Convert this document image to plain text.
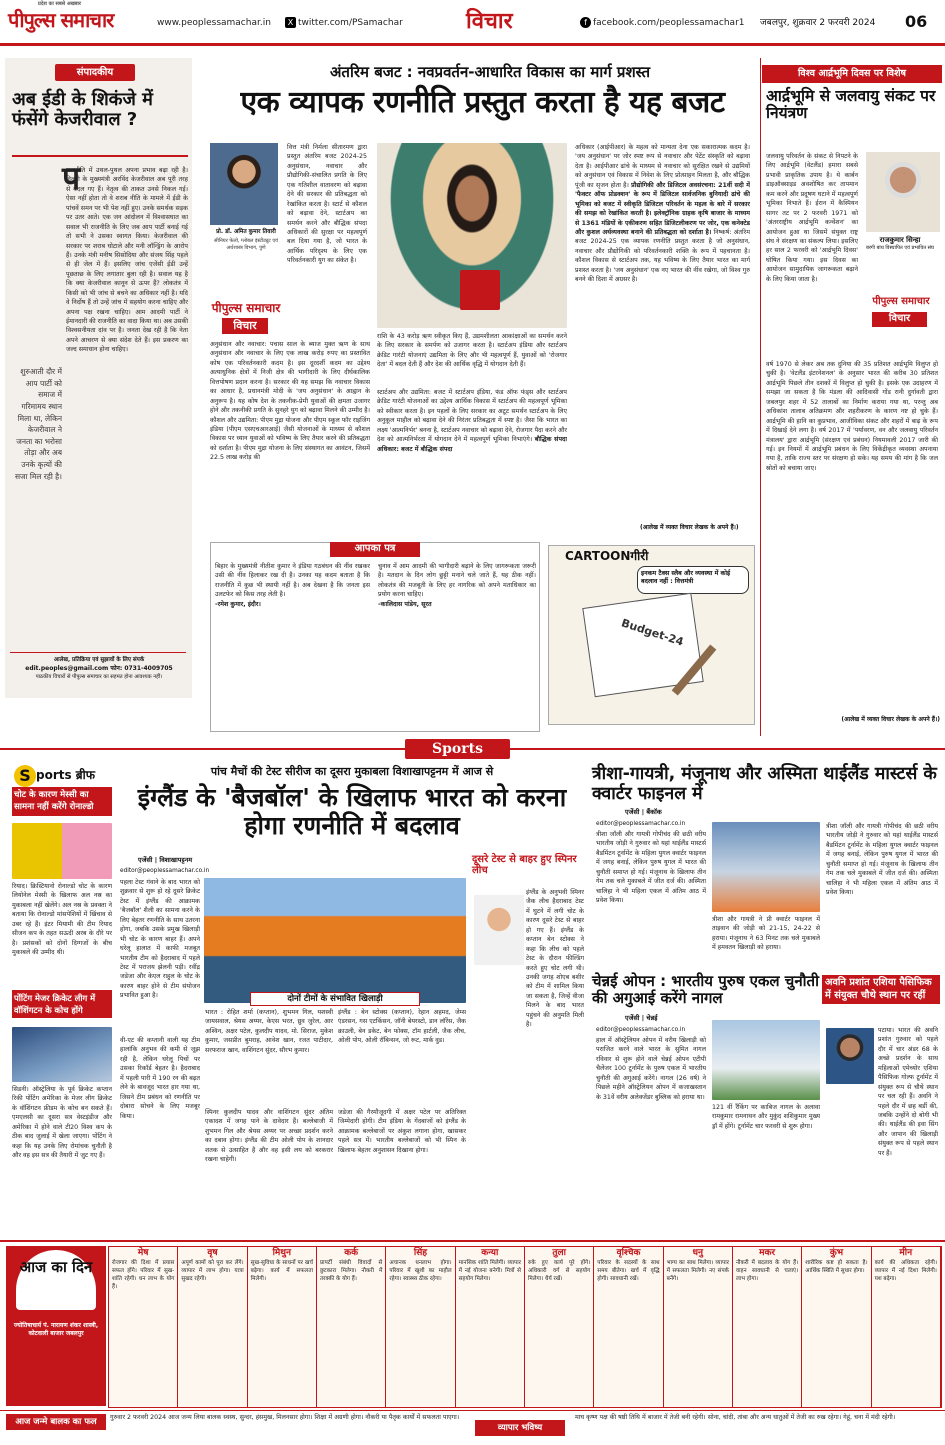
पीपुल्स समाचार
प्रदेश का सबसे अखबार
www.peoplessamachar.in	X twitter.com/PSamachar	विचार	f facebook.com/peoplessamachar1 जबलपुर, शुक्रवार 2 फरवरी 2024 06
संपादकीय
अब ईडी के शिकंजे में फंसेंगे केजरीवाल ?
प
शुरुआती दौर में आप पार्टी को समाज में गरिमामय स्थान मिला था, लेकिन केजरीवाल ने जनता का भरोसा तोड़ा और अब उनके कृत्यों की सजा मिल रही है।
राजनीति में उथल-पुथल अपना प्रभाव बढ़ा रही है। दिल्ली के मुख्यमंत्री अरविंद केजरीवाल अब पूरी तरह से बदल गए हैं। नेतृत्व की ताकत उनसे निकल गई। ऐसा नहीं होता तो वे शराब नीति के मामले में ईडी के पांचवें समन पर भी पेश नहीं हुए। उनके समर्थक सड़क पर उतर आते। एक जन आंदोलन में विश्वासघात का सवाल भी राजनीति के लिए जब आप पार्टी बनाई गई तो सभी ने उसका स्वागत किया। केजरीवाल की सरकार पर शराब घोटाले और मनी लॉन्ड्रिंग के आरोप हैं। उनके मंत्री मनीष सिसोदिया और संजय सिंह पहले से ही जेल में हैं। इसलिए जांच एजेंसी ईडी उन्हें पूछताछ के लिए लगातार बुला रही है। सवाल यह है कि क्या केजरीवाल कानून से ऊपर हैं? लोकतंत्र में किसी को भी जांच से बचने का अधिकार नहीं है। यदि वे निर्दोष हैं तो उन्हें जांच में सहयोग करना चाहिए और अपना पक्ष रखना चाहिए। आम आदमी पार्टी ने ईमानदारी की राजनीति का वादा किया था। अब उसकी विश्वसनीयता दांव पर है। जनता देख रही है कि नेता अपने आचरण से क्या संदेश देते हैं। इस प्रकरण का जल्द समाधान होना चाहिए।
आलेख, प्रतिक्रिया एवं सुझावों के लिए संपर्क
edit.peoples@gmail.com फोन: 0731-4009705
पाठकीय विचारों से पीपुल्स समाचार का सहमत होना आवश्यक नहीं।
अंतरिम बजट : नवप्रवर्तन-आधारित विकास का मार्ग प्रशस्त
एक व्यापक रणनीति प्रस्तुत करता है यह बजट
प्रो. डॉ. अमित कुमार तिवारी
सीनियर फेलो, ग्लोबल इंस्टीट्यूट एवं अर्थशास्त्र विभाग, पुणे
पीपुल्स समाचार
विचार
वित्त मंत्री निर्मला सीतारमण द्वारा प्रस्तुत अंतरिम बजट 2024-25 अनुसंधान, नवाचार और प्रौद्योगिकी-संचालित प्रगति के लिए एक गतिशील वातावरण को बढ़ावा देने की सरकार की प्रतिबद्धता को रेखांकित करता है। स्टार्ट से कौशल को बढ़ावा देने, स्टार्टअप का समर्थन करने और बौद्धिक संपदा अधिकारों की सुरक्षा पर महत्वपूर्ण बल दिया गया है, जो भारत के आर्थिक परिदृश्य के लिए एक परिवर्तनकारी युग का संकेत है।
अनुसंधान और नवाचार: पचास साल के ब्याज मुक्त ऋण के साथ अनुसंधान और नवाचार के लिए एक लाख करोड़ रुपए का प्रस्तावित कोष एक परिवर्तनकारी कदम है। इस दूरदर्शी कदम का उद्देश्य अत्याधुनिक क्षेत्रों में निजी क्षेत्र की भागीदारी के लिए दीर्घकालिक वित्तपोषण प्रदान करना है। सरकार की यह समझ कि नवाचार विकास का आधार है, प्रधानमंत्री मोदी के 'जय अनुसंधान' के आह्वान के अनुरूप है। यह कोष देश के तकनीक-प्रेमी युवाओं की क्षमता उजागर होने और तकनीकी प्रगति के सुनहरे युग को बढ़ावा मिलने की उम्मीद है। कौशल और उद्यमिता: पीएम मुद्रा योजना और पीएम स्कूल फॉर राइजिंग इंडिया (पीएम एसएचआरआई) जैसी योजनाओं के माध्यम से कौशल विकास पर ध्यान युवाओं को भविष्य के लिए तैयार करने की प्रतिबद्धता को दर्शाता है। पीएम मुद्रा योजना के लिए संस्थागत का आवंटन, जिसमें 22.5 लाख करोड़ की
राशि के 43 करोड़ ऋण स्वीकृत किए हैं, उद्यमशीलता आकांक्षाओं का समर्थन करने के लिए सरकार के समर्पण को उजागर करता है। स्टार्टअप इंडिया और स्टार्टअप क्रेडिट गारंटी योजनाएं उद्यमिता के लिए और भी महत्वपूर्ण हैं, युवाओं को 'रोजगार देता' में बदल देती हैं और देश की आर्थिक वृद्धि में योगदान देती हैं।
स्टार्टअप और उद्यमिता: बजट में स्टार्टअप इंडिया, फंड ऑफ फंड्स और स्टार्टअप क्रेडिट गारंटी योजनाओं का उद्देश्य आर्थिक विकास में स्टार्टअप की महत्वपूर्ण भूमिका को स्वीकार करता है। इन पहलों के लिए सरकार का अटूट समर्थन स्टार्टअप के लिए अनुकूल माहौल को बढ़ावा देने की निरंतर प्रतिबद्धता में स्पष्ट है। जैसा कि भारत का लक्ष्य 'आत्मनिर्भर' बनना है, स्टार्टअप नवाचार को बढ़ावा देने, रोजगार पैदा करने और देश को आत्मनिर्भरता में योगदान देने में महत्वपूर्ण भूमिका निभाएंगे। बौद्धिक संपदा अधिकार: बजट में बौद्धिक संपदा
अधिकार (आईपीआर) के महत्व को मान्यता देना एक सकारात्मक कदम है। 'जय अनुसंधान' पर जोर स्पष्ट रूप से नवाचार और पेटेंट संस्कृति को बढ़ावा देता है। आईपीआर ढांचे के माध्यम से नवाचार को सुरक्षित रखने से उद्यमियों को अनुसंधान एवं विकास में निवेश के लिए प्रोत्साहन मिलता है, और बौद्धिक पूंजी का सृजन होता है। प्रौद्योगिकी और डिजिटल अवसंरचना: 21वीं सदी में 'फैक्टर ऑफ प्रोडक्शन' के रूप में डिजिटल सार्वजनिक बुनियादी ढांचे की भूमिका को बजट में स्वीकृति डिजिटल परिवर्तन के महत्व के बारे में सरकार की समझ को रेखांकित करती है। इलेक्ट्रॉनिक ग्राहक कृषि बाजार के माध्यम से 1361 मंडियों के एकीकरण सहित डिजिटलीकरण पर जोर, एक कनेक्टेड और कुशल अर्थव्यवस्था बनाने की प्रतिबद्धता को दर्शाता है। निष्कर्ष: अंतरिम बजट 2024-25 एक व्यापक रणनीति प्रस्तुत करता है जो अनुसंधान, नवाचार और प्रौद्योगिकी को परिवर्तनकारी शक्ति के रूप में पहचानता है। कौशल विकास से स्टार्टअप तक, यह भविष्य के लिए तैयार भारत का मार्ग प्रशस्त करता है। 'जय अनुसंधान' एक नए भारत की नींव रखेगा, जो विश्व गुरु बनने की दिशा में अग्रसर है।
(आलेख में व्यक्त विचार लेखक के अपने हैं।)
आपका पत्र
बिहार के मुख्यमंत्री नीतीश कुमार ने इंडिया गठबंधन की नींव रखकर उसी की नींव हिलाकर रख दी है। उनका यह कदम बताता है कि राजनीति में कुछ भी स्थायी नहीं है। अब देखना है कि जनता इस उलटफेर को किस तरह लेती है।
-रमेश कुमार, इंदौर।
चुनाव में आम आदमी की भागीदारी बढ़ाने के लिए जागरूकता जरूरी है। मतदान के दिन लोग छुट्टी मनाने चले जाते हैं, यह ठीक नहीं। लोकतंत्र की मजबूती के लिए हर नागरिक को अपने मताधिकार का प्रयोग करना चाहिए।
-कालिदास पांडेय, सूरत
CARTOONगीरी
इनकम टैक्स स्लैब और व्यवस्था में कोई बदलाव नहीं : वित्तमंत्री
Budget-24
विश्व आर्द्रभूमि दिवस पर विशेष
आर्द्रभूमि से जलवायु संकट पर नियंत्रण
राजकुमार सिन्हा
बरगी बांध विस्थापित एवं प्रभावित संघ
पीपुल्स समाचार
विचार
जलवायु परिवर्तन के संकट से निपटने के लिए आर्द्रभूमि (वेटलैंड) हमारा सबसे प्रभावी प्राकृतिक उपाय है। ये कार्बन डाइऑक्साइड अवशोषित कर तापमान कम करने और प्रदूषण घटाने में महत्वपूर्ण भूमिका निभाते हैं। ईरान में कैस्पियन सागर तट पर 2 फरवरी 1971 को 'अंतरराष्ट्रीय आर्द्रभूमि कन्वेंशन' का आयोजन हुआ था जिसमें संयुक्त राष्ट्र संघ ने संरक्षण का संकल्प लिया। इसलिए हर साल 2 फरवरी को 'आर्द्रभूमि दिवस' घोषित किया गया। इस दिवस का आयोजन सामुदायिक जागरूकता बढ़ाने के लिए किया जाता है।
वर्ष 1970 से लेकर अब तक दुनिया की 35 प्रतिशत आर्द्रभूमि विलुप्त हो चुकी है। 'वेटलैंड इंटरनेशनल' के अनुसार भारत की करीब 30 प्रतिशत आर्द्रभूमि पिछले तीन दशकों में विलुप्त हो चुकी है। इसके एक उदाहरण में समझा जा सकता है कि मंडला की आदिवासी गोंड रानी दुर्गावती द्वारा जबलपुर शहर में 52 तालाबों का निर्माण कराया गया था, परन्तु अब अधिकांश तालाब अतिक्रमण और शहरीकरण के कारण नष्ट हो चुके हैं। आर्द्रभूमि की हानि का कुप्रभाव, आजीविका संकट और शहरों में बाढ़ के रूप में दिखाई देने लगा है। वर्ष 2017 में 'पर्यावरण, वन और जलवायु परिवर्तन मंत्रालय' द्वारा आर्द्रभूमि (संरक्षण एवं प्रबंधन) नियमावली 2017 जारी की गई। इन नियमों में आर्द्रभूमि प्रबंधन के लिए विकेंद्रीकृत व्यवस्था अपनाया गया है, ताकि राज्य स्तर पर संरक्षण हो सके। यह समय की मांग है कि जल स्रोतों को बचाया जाए।
(आलेख में व्यक्त विचार लेखक के अपने हैं।)
Sports
S ports ब्रीफ
चोट के कारण मेस्सी का सामना नहीं करेंगे रोनाल्डो
रियाद। क्रिस्टियानो रोनाल्डो चोट के कारण लियोनेल मेस्सी के खिलाफ अल नस्र का मुकाबला नहीं खेलेंगे। अल नस्र के प्रवक्ता ने बताया कि रोनाल्डो मांसपेशियों में खिंचाव से उबर रहे हैं। इंटर मियामी की टीम रियाद सीजन कप के तहत सऊदी अरब के दौरे पर है। प्रशंसकों को दोनों दिग्गजों के बीच मुकाबले की उम्मीद थी।
पोंटिंग मेजर क्रिकेट लीग में वॉशिंगटन के कोच होंगे
सिडनी। ऑस्ट्रेलिया के पूर्व क्रिकेट कप्तान रिकी पोंटिंग अमेरिका के मेजर लीग क्रिकेट के वॉशिंगटन फ्रीडम के कोच बन सकते हैं। एमएलसी का दूसरा सत्र वेस्टइंडीज और अमेरिका में होने वाले टी20 विश्व कप के ठीक बाद जुलाई में खेला जाएगा। पोंटिंग ने कहा कि यह उनके लिए रोमांचक चुनौती है और वह इस सत्र की तैयारी में जुट गए हैं।
पांच मैचों की टेस्ट सीरीज का दूसरा मुकाबला विशाखापट्टनम में आज से
इंग्लैंड के 'बैजबॉल' के खिलाफ भारत को करना होगा रणनीति में बदलाव
एजेंसी | विशाखापट्टनम
editor@peoplessamachar.co.in
पहला टेस्ट गंवाने के बाद भारत को शुक्रवार से शुरू हो रहे दूसरे क्रिकेट टेस्ट में इंग्लैंड की आक्रामक 'बैजबॉल' शैली का सामना करने के लिए बेहतर रणनीति के साथ उतरना होगा, जबकि उसके प्रमुख खिलाड़ी भी चोट के कारण बाहर हैं। अपने घरेलू हालात में काफी मजबूत भारतीय टीम को हैदराबाद में पहले टेस्ट में पराजय झेलनी पड़ी। रवींद्र जडेजा और केएल राहुल के चोट के कारण बाहर होने से टीम संयोजन प्रभावित हुआ है।	दोनों टीमों के संभावित खिलाड़ी
भारत : रोहित शर्मा (कप्तान), शुभमन गिल, यशस्वी जायसवाल, श्रेयस अय्यर, केएस भरत, ध्रुव जुरेल, आर अश्विन, अक्षर पटेल, कुलदीप यादव, मो. सिराज, मुकेश कुमार, जसप्रीत बुमराह, आवेश खान, रजत पाटीदार, सरफराज खान, वाशिंगटन सुंदर, सौरभ कुमार।
इंग्लैंड : बेन स्टोक्स (कप्तान), रेहान अहमद, जेम्स एंडरसन, गस एटकिंसन, जॉनी बेयरस्टो, डान लॉरेंस, जैक क्राउली, बेन डकेट, बेन फोक्स, टॉम हार्टली, जैक लीच, ओली पोप, ओली रॉबिन्सन, जो रूट, मार्क वुड।
वी-एट की कप्तानी वाली यह टीम हालांकि अनुभव की कमी से जूझ रही है, लेकिन घरेलू पिचों पर उसका रिकॉर्ड बेहतर है। हैदराबाद में पहली पारी में 190 रन की बढ़त लेने के बावजूद भारत हार गया था, जिसने टीम प्रबंधन को रणनीति पर दोबारा सोचने के लिए मजबूर किया।	स्पिनर कुलदीप यादव और वाशिंगटन सुंदर अंतिम एकादश में जगह पाने के दावेदार हैं। बल्लेबाजी में शुभमन गिल और श्रेयस अय्यर पर अच्छा प्रदर्शन करने का दबाव होगा। इंग्लैंड की टीम ओली पोप के शानदार शतक से उत्साहित है और वह इसी लय को बरकरार रखना चाहेगी।
जडेजा की गैरमौजूदगी में अक्षर पटेल पर अतिरिक्त जिम्मेदारी होगी। टीम इंडिया के गेंदबाजों को इंग्लैंड के आक्रामक बल्लेबाजों पर अंकुश लगाना होगा, खासकर पहले सत्र में। भारतीय बल्लेबाजों को भी स्पिन के खिलाफ बेहतर अनुशासन दिखाना होगा।
दूसरे टेस्ट से बाहर हुए स्पिनर लीच
इंग्लैंड के अनुभवी स्पिनर जैक लीच हैदराबाद टेस्ट में घुटने में लगी चोट के कारण दूसरे टेस्ट से बाहर हो गए हैं। इंग्लैंड के कप्तान बेन स्टोक्स ने कहा कि लीच को पहले टेस्ट के दौरान फील्डिंग करते हुए चोट लगी थी। उनकी जगह शोएब बशीर को टीम में शामिल किया जा सकता है, जिन्हें वीजा मिलने के बाद भारत पहुंचने की अनुमति मिली है।
त्रीशा-गायत्री, मंजूनाथ और अस्मिता थाईलैंड मास्टर्स के क्वार्टर फाइनल में
एजेंसी | बैंकॉक
editor@peoplessamachar.co.in
त्रीशा जॉली और गायत्री गोपीचंद की छठी वरीय भारतीय जोड़ी ने गुरुवार को यहां थाईलैंड मास्टर्स बैडमिंटन टूर्नामेंट के महिला युगल क्वार्टर फाइनल में जगह बनाई, लेकिन पुरुष युगल में भारत की चुनौती समाप्त हो गई। मंजूनाथ के खिलाफ तीन गेम तक चले मुकाबले में जीत दर्ज की। अस्मिता चालिहा ने भी महिला एकल में अंतिम आठ में प्रवेश किया।
त्रीशा और गायत्री ने प्री क्वार्टर फाइनल में ताइवान की जोड़ी को 21-15, 24-22 से हराया। मंजूनाथ ने 63 मिनट तक चले मुकाबले में हमवतन खिलाड़ी को हराया।
त्रीशा जॉली और गायत्री गोपीचंद की छठी वरीय भारतीय जोड़ी ने गुरुवार को यहां थाईलैंड मास्टर्स बैडमिंटन टूर्नामेंट के महिला युगल क्वार्टर फाइनल में जगह बनाई, लेकिन पुरुष युगल में भारत की चुनौती समाप्त हो गई। मंजूनाथ के खिलाफ तीन गेम तक चले मुकाबले में जीत दर्ज की। अस्मिता चालिहा ने भी महिला एकल में अंतिम आठ में प्रवेश किया।
चेन्नई ओपन : भारतीय पुरुष एकल चुनौती की अगुआई करेंगे नागल
एजेंसी | चेन्नई
editor@peoplessamachar.co.in
हाल में ऑस्ट्रेलियन ओपन में वरीय खिलाड़ी को पराजित करने वाले भारत के सुमित नागल रविवार से शुरू होने वाले चेन्नई ओपन एटीपी चैलेंजर 100 टूर्नामेंट के पुरुष एकल में भारतीय चुनौती की अगुआई करेंगे। नागल (26 वर्ष) ने पिछले महीने ऑस्ट्रेलियन ओपन में कजाखस्तान के 31वें वरीय अलेक्जेंडर बुब्लिक को हराया था।
121 वीं रैंकिंग पर काबिज नागल के अलावा रामकुमार रामनाथन और मुकुंद शशिकुमार मुख्य ड्रॉ में होंगे। टूर्नामेंट चार फरवरी से शुरू होगा।
अवनि प्रशांत एशिया पैसिफिक में संयुक्त चौथे स्थान पर रहीं
पटाया। भारत की अवनि प्रशांत गुरुवार को पहले दौर में चार अंडर 68 के अच्छे प्रदर्शन के साथ महिलाओं एमेच्योर एशिया पैसिफिक गोल्फ टूर्नामेंट में संयुक्त रूप से चौथे स्थान पर चल रही हैं। अवनि ने पहले दौर में छह बर्डी की, जबकि उन्होंने दो बोगी भी की। थाईलैंड की इवा सिंग और जापान की खिलाड़ी संयुक्त रूप से पहले स्थान पर हैं।
आज का दिन
ज्योतिषाचार्य पं. नारायण शंकर शास्त्री, कोटवाली बाजार जबलपुर
मेष
रोजगार की दिशा में प्रयास सफल होंगे। परिवार में सुख-शांति रहेगी। धन लाभ के योग हैं।
वृष
अपूर्ण कामों को पूरा कर लेंगे। व्यापार में लाभ होगा। यात्रा सुखद रहेगी।
मिथुन
सुख-सुविधा के साधनों पर खर्च बढ़ेगा। कार्य में सफलता मिलेगी।
कर्क
प्रापर्टी संबंधी विवादों से छुटकारा मिलेगा। नौकरी में तरक्की के योग हैं।
सिंह
अचानक धनलाभ होगा। परिवार में खुशी का माहौल रहेगा। स्वास्थ्य ठीक रहेगा।
कन्या
मानसिक शांति मिलेगी। व्यापार में नई योजना बनेगी। मित्रों से सहयोग मिलेगा।
तुला
रुके हुए कार्य पूरे होंगे। अधिकारी वर्ग से सहयोग मिलेगा। धैर्य रखें।
वृश्चिक
परिवार के सदस्यों के साथ समय बीतेगा। खर्च में वृद्धि होगी। सावधानी रखें।
धनु
भाग्य का साथ मिलेगा। व्यापार में सफलता मिलेगी। नए संपर्क बनेंगे।
मकर
नौकरी में बदलाव के योग हैं। वाहन सावधानी से चलाएं। लाभ होगा।
कुंभ
शारीरिक कष्ट हो सकता है। आर्थिक स्थिति में सुधार होगा।
मीन
कार्य की अधिकता रहेगी। व्यापार में नई दिशा मिलेगी। यश बढ़ेगा।
आज जन्मे बालक का फल	गुरुवार 2 फरवरी 2024 आज जन्म लिया बालक स्वस्थ, सुन्दर, हंसमुख, मिलनसार होगा। शिक्षा में अग्रणी होगा। नौकरी या पैतृक कार्यों में सफलता पाएगा।
व्यापार भविष्य
माघ कृष्ण पक्ष की षष्ठी तिथि में बाजार में तेजी बनी रहेगी। सोना, चांदी, तांबा और अन्य धातुओं में तेजी का रुख रहेगा। गेहूं, चना में मंदी रहेगी।
